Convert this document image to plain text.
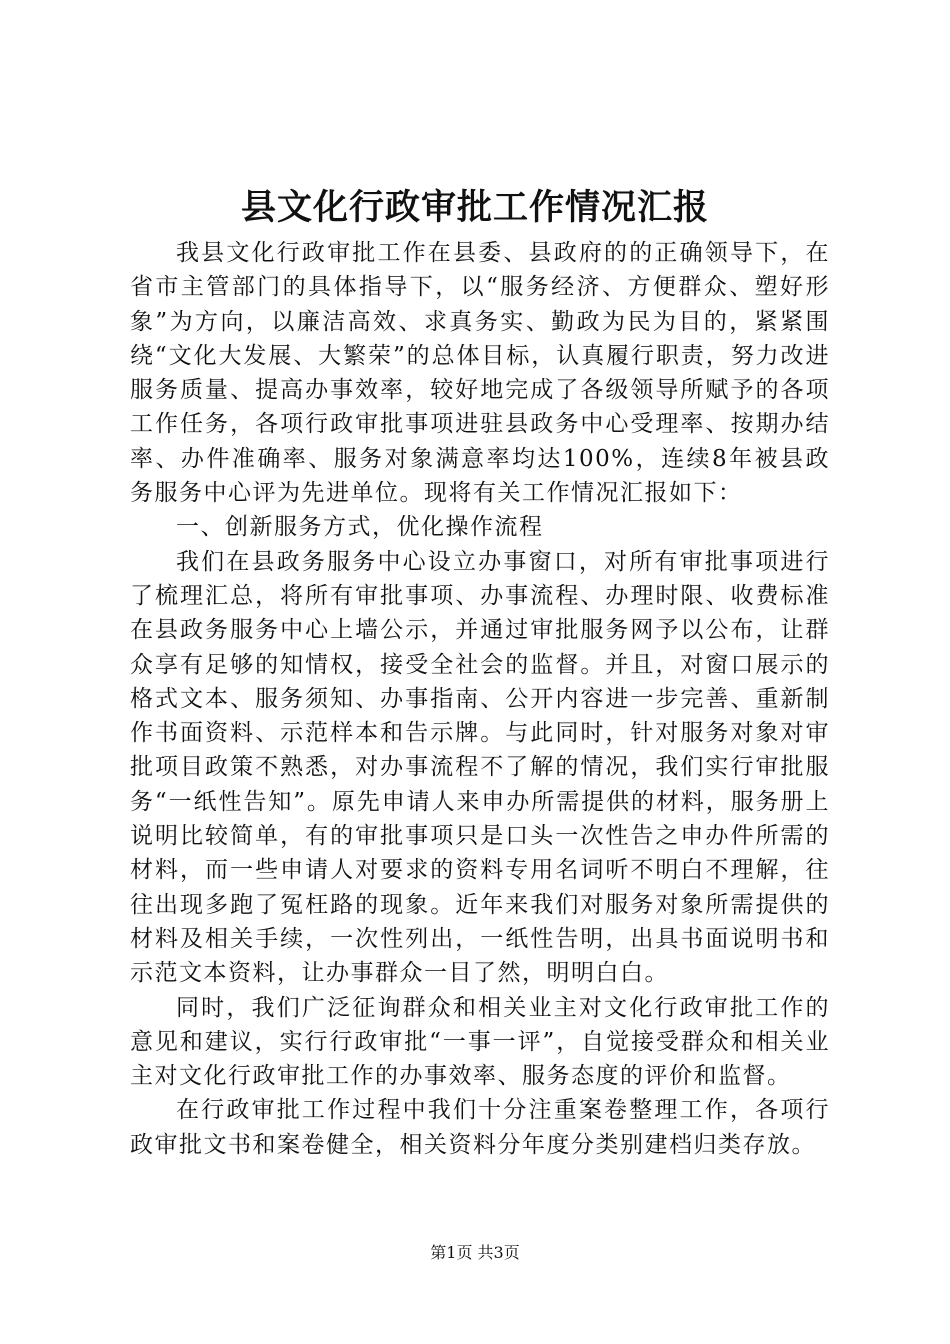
县文化行政审批工作情况汇报

我县文化行政审批工作在县委、县政府的的正确领导下，在省市主管部门的具体指导下，以“服务经济、方便群众、塑好形象”为方向，以廉洁高效、求真务实、勤政为民为目的，紧紧围绕“文化大发展、大繁荣”的总体目标，认真履行职责，努力改进服务质量、提高办事效率，较好地完成了各级领导所赋予的各项工作任务，各项行政审批事项进驻县政务中心受理率、按期办结率、办件准确率、服务对象满意率均达100%，连续8年被县政务服务中心评为先进单位。现将有关工作情况汇报如下：

一、创新服务方式，优化操作流程

我们在县政务服务中心设立办事窗口，对所有审批事项进行了梳理汇总，将所有审批事项、办事流程、办理时限、收费标准在县政务服务中心上墙公示，并通过审批服务网予以公布，让群众享有足够的知情权，接受全社会的监督。并且，对窗口展示的格式文本、服务须知、办事指南、公开内容进一步完善、重新制作书面资料、示范样本和告示牌。与此同时，针对服务对象对审批项目政策不熟悉，对办事流程不了解的情况，我们实行审批服务“一纸性告知”。原先申请人来申办所需提供的材料，服务册上说明比较简单，有的审批事项只是口头一次性告之申办件所需的材料，而一些申请人对要求的资料专用名词听不明白不理解，往往出现多跑了冤枉路的现象。近年来我们对服务对象所需提供的材料及相关手续，一次性列出，一纸性告明，出具书面说明书和示范文本资料，让办事群众一目了然，明明白白。

同时，我们广泛征询群众和相关业主对文化行政审批工作的意见和建议，实行行政审批“一事一评”，自觉接受群众和相关业主对文化行政审批工作的办事效率、服务态度的评价和监督。

在行政审批工作过程中我们十分注重案卷整理工作，各项行政审批文书和案卷健全，相关资料分年度分类别建档归类存放。

第1页 共3页
